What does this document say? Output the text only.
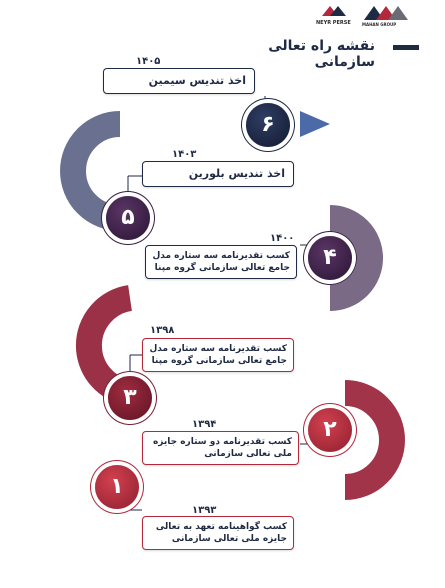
NEYR PERSE	MAHAN GROUP
نقشه راه تعالی سازمانی
۱
۲
۳
۴
۵
۶
۱۳۹۳
۱۳۹۴
۱۳۹۸
۱۴۰۰
۱۴۰۳
۱۴۰۵
کسب گواهینامه تعهد به تعالی جایزه ملی تعالی سازمانی
کسب تقدیرنامه دو ستاره جایزه ملی تعالی سازمانی
کسب تقدیرنامه سه ستاره مدل جامع تعالی سازمانی گروه مپنا
کسب تقدیرنامه سه ستاره مدل جامع تعالی سازمانی گروه مپنا
اخذ تندیس بلورین
اخذ تندیس سیمین
